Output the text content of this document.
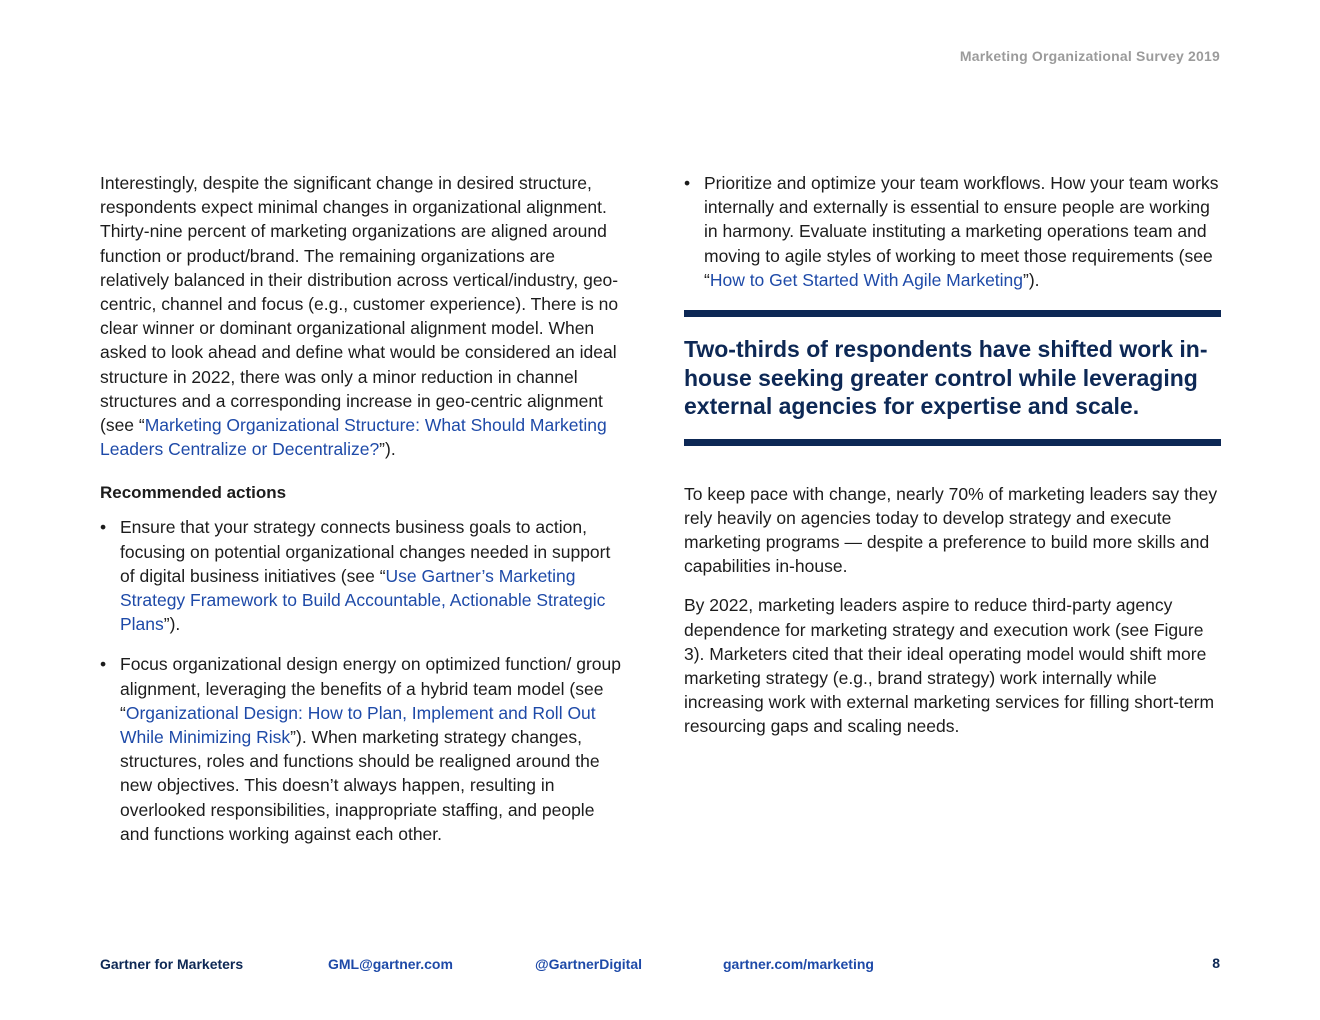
Marketing Organizational Survey 2019

Interestingly, despite the significant change in desired structure, respondents expect minimal changes in organizational alignment. Thirty-nine percent of marketing organizations are aligned around function or product/brand. The remaining organizations are relatively balanced in their distribution across vertical/industry, geo-centric, channel and focus (e.g., customer experience). There is no clear winner or dominant organizational alignment model. When asked to look ahead and define what would be considered an ideal structure in 2022, there was only a minor reduction in channel structures and a corresponding increase in geo-centric alignment (see “Marketing Organizational Structure: What Should Marketing Leaders Centralize or Decentralize?”).

Recommended actions
• Ensure that your strategy connects business goals to action, focusing on potential organizational changes needed in support of digital business initiatives (see “Use Gartner’s Marketing Strategy Framework to Build Accountable, Actionable Strategic Plans”).
• Focus organizational design energy on optimized function/ group alignment, leveraging the benefits of a hybrid team model (see “Organizational Design: How to Plan, Implement and Roll Out While Minimizing Risk”). When marketing strategy changes, structures, roles and functions should be realigned around the new objectives. This doesn’t always happen, resulting in overlooked responsibilities, inappropriate staffing, and people and functions working against each other.
• Prioritize and optimize your team workflows. How your team works internally and externally is essential to ensure people are working in harmony. Evaluate instituting a marketing operations team and moving to agile styles of working to meet those requirements (see “How to Get Started With Agile Marketing”).

Two-thirds of respondents have shifted work in-house seeking greater control while leveraging external agencies for expertise and scale.

To keep pace with change, nearly 70% of marketing leaders say they rely heavily on agencies today to develop strategy and execute marketing programs — despite a preference to build more skills and capabilities in-house.

By 2022, marketing leaders aspire to reduce third-party agency dependence for marketing strategy and execution work (see Figure 3). Marketers cited that their ideal operating model would shift more marketing strategy (e.g., brand strategy) work internally while increasing work with external marketing services for filling short-term resourcing gaps and scaling needs.

Gartner for Marketers	GML@gartner.com	@GartnerDigital	gartner.com/marketing	8
